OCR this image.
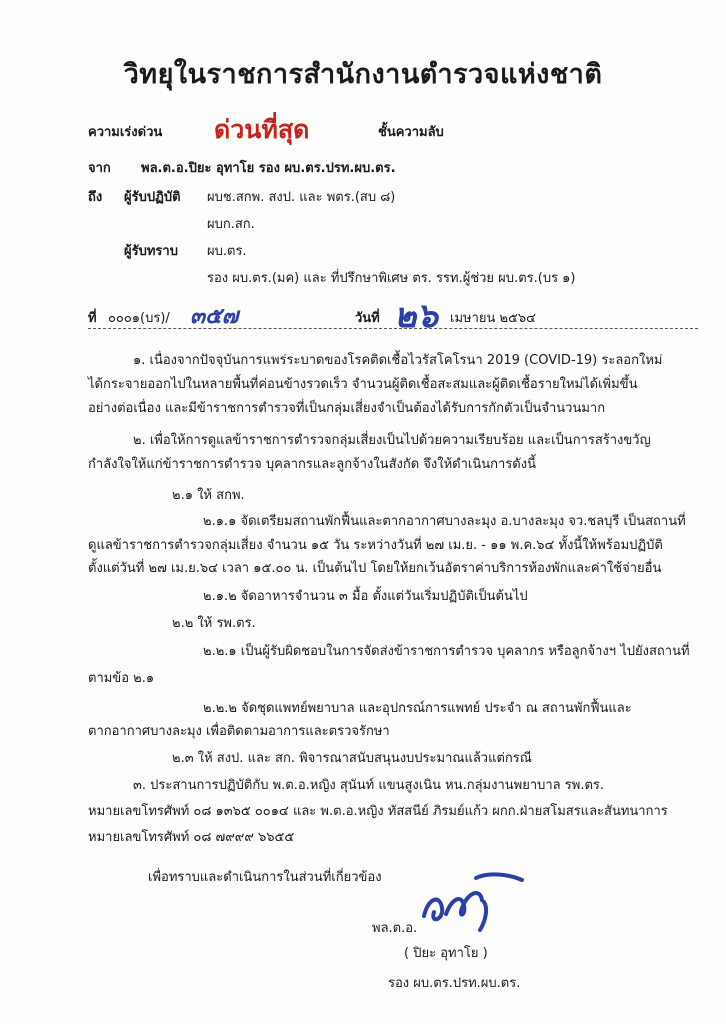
วิทยุในราชการสำนักงานตำรวจแห่งชาติ
ความเร่งด่วน ด่วนที่สุด	ชั้นความลับ
จาก พล.ต.อ.ปิยะ อุทาโย รอง ผบ.ตร.ปรท.ผบ.ตร.
ถึง ผู้รับปฏิบัติ ผบช.สกพ. สงป. และ พตร.(สบ ๘)
ผบก.สก.
ผู้รับทราบ ผบ.ตร.
รอง ผบ.ตร.(มค) และ ที่ปรึกษาพิเศษ ตร. รรท.ผู้ช่วย ผบ.ตร.(บร ๑)
ที่ ๐๐๐๑(บร)/ ๓๕๗	วันที่ ๒๖ เมษายน ๒๕๖๔
๑. เนื่องจากปัจจุบันการแพร่ระบาดของโรคติดเชื้อไวรัสโคโรนา 2019 (COVID-19) ระลอกใหม่
ได้กระจายออกไปในหลายพื้นที่ค่อนข้างรวดเร็ว จำนวนผู้ติดเชื้อสะสมและผู้ติดเชื้อรายใหม่ได้เพิ่มขึ้น
อย่างต่อเนื่อง และมีข้าราชการตำรวจที่เป็นกลุ่มเสี่ยงจำเป็นต้องได้รับการกักตัวเป็นจำนวนมาก
๒. เพื่อให้การดูแลข้าราชการตำรวจกลุ่มเสี่ยงเป็นไปด้วยความเรียบร้อย และเป็นการสร้างขวัญ
กำลังใจให้แก่ข้าราชการตำรวจ บุคลากรและลูกจ้างในสังกัด จึงให้ดำเนินการดังนี้
๒.๑ ให้ สกพ.
๒.๑.๑ จัดเตรียมสถานพักฟื้นและตากอากาศบางละมุง อ.บางละมุง จว.ชลบุรี เป็นสถานที่
ดูแลข้าราชการตำรวจกลุ่มเสี่ยง จำนวน ๑๕ วัน ระหว่างวันที่ ๒๗ เม.ย. - ๑๑ พ.ค.๖๔ ทั้งนี้ให้พร้อมปฏิบัติ
ตั้งแต่วันที่ ๒๗ เม.ย.๖๔ เวลา ๑๕.๐๐ น. เป็นต้นไป โดยให้ยกเว้นอัตราค่าบริการห้องพักและค่าใช้จ่ายอื่น
๒.๑.๒ จัดอาหารจำนวน ๓ มื้อ ตั้งแต่วันเริ่มปฏิบัติเป็นต้นไป
๒.๒ ให้ รพ.ตร.
๒.๒.๑ เป็นผู้รับผิดชอบในการจัดส่งข้าราชการตำรวจ บุคลากร หรือลูกจ้างฯ ไปยังสถานที่
ตามข้อ ๒.๑
๒.๒.๒ จัดชุดแพทย์พยาบาล และอุปกรณ์การแพทย์ ประจำ ณ สถานพักฟื้นและ
ตากอากาศบางละมุง เพื่อติดตามอาการและตรวจรักษา
๒.๓ ให้ สงป. และ สก. พิจารณาสนับสนุนงบประมาณแล้วแต่กรณี
๓. ประสานการปฏิบัติกับ พ.ต.อ.หญิง สุนันท์ แขนสูงเนิน หน.กลุ่มงานพยาบาล รพ.ตร.
หมายเลขโทรศัพท์ ๐๘ ๑๓๖๕ ๐๐๑๔ และ พ.ต.อ.หญิง ทัสสนีย์ ภิรมย์แก้ว ผกก.ฝ่ายสโมสรและสันทนาการ
หมายเลขโทรศัพท์ ๐๘ ๗๙๙๙ ๖๖๕๕
เพื่อทราบและดำเนินการในส่วนที่เกี่ยวข้อง
พล.ต.อ.
( ปิยะ อุทาโย )
รอง ผบ.ตร.ปรท.ผบ.ตร.
